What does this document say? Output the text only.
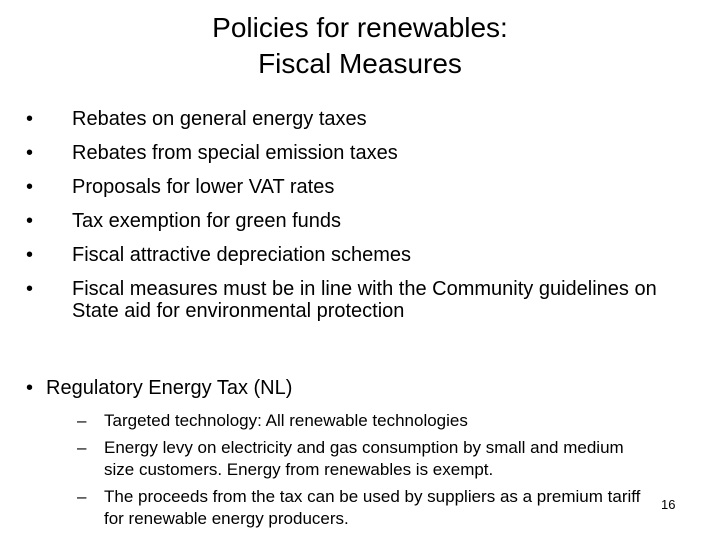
Policies for renewables:
Fiscal Measures
• Rebates on general energy taxes
• Rebates from special emission taxes
• Proposals for lower VAT rates
• Tax exemption for green funds
• Fiscal attractive depreciation schemes
• Fiscal measures must be in line with the Community guidelines on State aid for environmental protection
• Regulatory Energy Tax (NL)
– Targeted technology: All renewable technologies
– Energy levy on electricity and gas consumption by small and medium size customers. Energy from renewables is exempt.
– The proceeds from the tax can be used by suppliers as a premium tariff for renewable energy producers.
16
